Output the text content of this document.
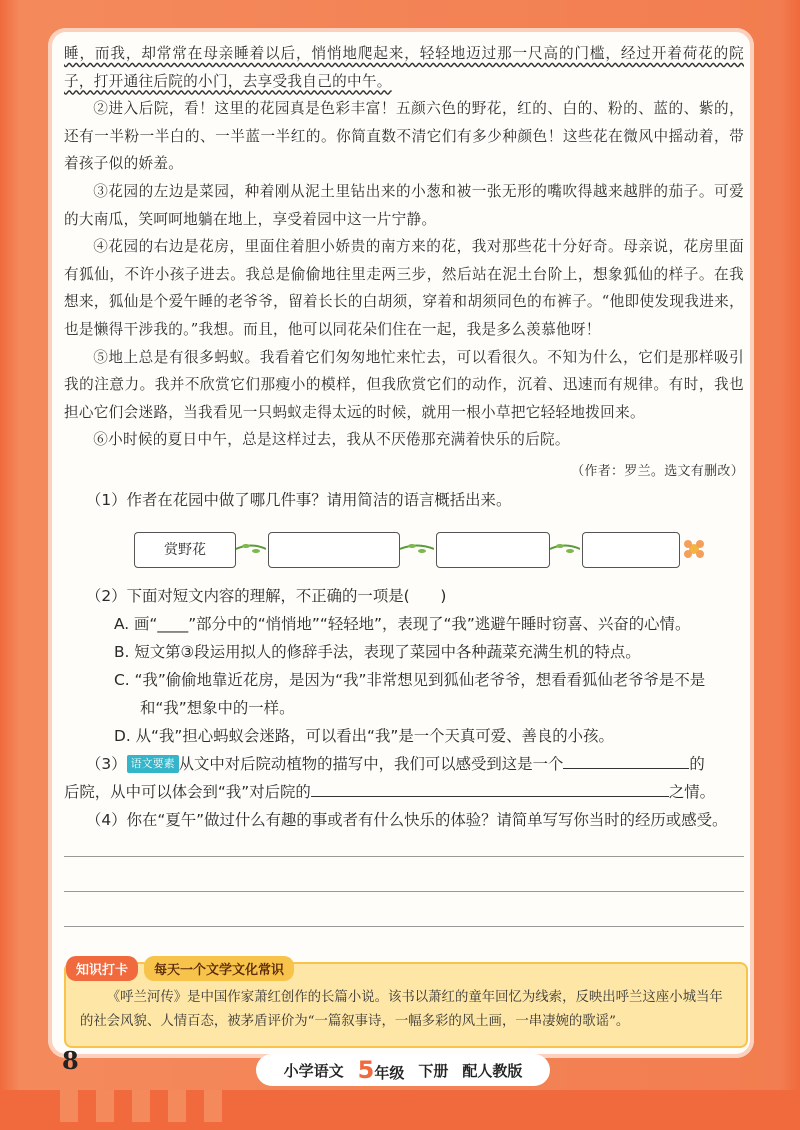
睡，而我，却常常在母亲睡着以后，悄悄地爬起来，轻轻地迈过那一尺高的门槛，经过开着荷花的院子，打开通往后院的小门，去享受我自己的中午。

②进入后院，看！这里的花园真是色彩丰富！五颜六色的野花，红的、白的、粉的、蓝的、紫的，还有一半粉一半白的、一半蓝一半红的。你简直数不清它们有多少种颜色！这些花在微风中摇动着，带着孩子似的娇羞。

③花园的左边是菜园，种着刚从泥土里钻出来的小葱和被一张无形的嘴吹得越来越胖的茄子。可爱的大南瓜，笑呵呵地躺在地上，享受着园中这一片宁静。

④花园的右边是花房，里面住着胆小娇贵的南方来的花，我对那些花十分好奇。母亲说，花房里面有狐仙，不许小孩子进去。我总是偷偷地往里走两三步，然后站在泥土台阶上，想象狐仙的样子。在我想来，狐仙是个爱午睡的老爷爷，留着长长的白胡须，穿着和胡须同色的布裤子。“他即使发现我进来，也是懒得干涉我的。”我想。而且，他可以同花朵们住在一起，我是多么羡慕他呀！

⑤地上总是有很多蚂蚁。我看着它们匆匆地忙来忙去，可以看很久。不知为什么，它们是那样吸引我的注意力。我并不欣赏它们那瘦小的模样，但我欣赏它们的动作，沉着、迅速而有规律。有时，我也担心它们会迷路，当我看见一只蚂蚁走得太远的时候，就用一根小草把它轻轻地拨回来。

⑥小时候的夏日中午，总是这样过去，我从不厌倦那充满着快乐的后院。

（作者：罗兰。选文有删改）
（1）作者在花园中做了哪几件事？请用简洁的语言概括出来。
赏野花
（2）下面对短文内容的理解，不正确的一项是(　　)
A. 画“____”部分中的“悄悄地”“轻轻地”，表现了“我”逃避午睡时窃喜、兴奋的心情。
B. 短文第③段运用拟人的修辞手法，表现了菜园中各种蔬菜充满生机的特点。
C. “我”偷偷地靠近花房，是因为“我”非常想见到狐仙老爷爷，想看看狐仙老爷爷是不是
和“我”想象中的一样。
D. 从“我”担心蚂蚁会迷路，可以看出“我”是一个天真可爱、善良的小孩。
（3） 语文要素 从文中对后院动植物的描写中，我们可以感受到这是一个	的
后院，从中可以体会到“我”对后院的	之情。
（4）你在“夏午”做过什么有趣的事或者有什么快乐的体验？请简单写写你当时的经历或感受。
知识打卡	每天一个文学文化常识
《呼兰河传》是中国作家萧红创作的长篇小说。该书以萧红的童年回忆为线索，反映出呼兰这座小城当年的社会风貌、人情百态，被茅盾评价为“一篇叙事诗，一幅多彩的风土画，一串凄婉的歌谣”。
8	小学语文 5年级 下册 配人教版
